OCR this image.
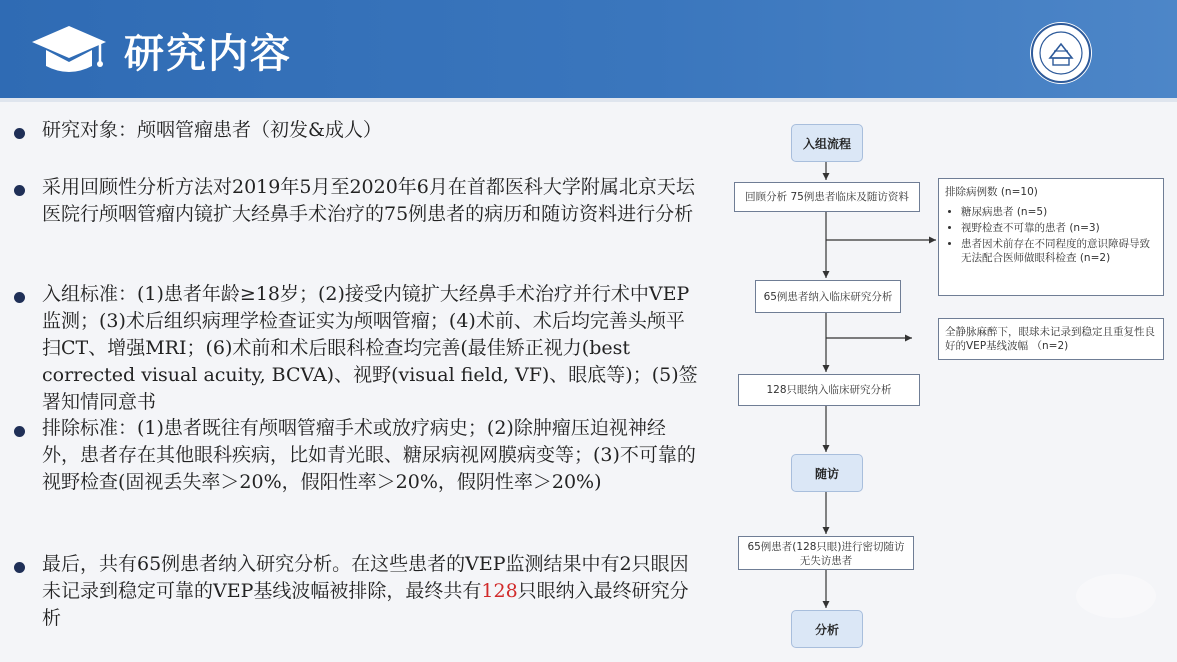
研究内容
研究对象：颅咽管瘤患者（初发&成人）
采用回顾性分析方法对2019年5月至2020年6月在首都医科大学附属北京天坛医院行颅咽管瘤内镜扩大经鼻手术治疗的75例患者的病历和随访资料进行分析
入组标准：(1)患者年龄≥18岁；(2)接受内镜扩大经鼻手术治疗并行术中VEP监测；(3)术后组织病理学检查证实为颅咽管瘤；(4)术前、术后均完善头颅平扫CT、增强MRI；(6)术前和术后眼科检查均完善(最佳矫正视力(best corrected visual acuity, BCVA)、视野(visual field, VF)、眼底等)；(5)签署知情同意书
排除标准：(1)患者既往有颅咽管瘤手术或放疗病史；(2)除肿瘤压迫视神经外，患者存在其他眼科疾病，比如青光眼、糖尿病视网膜病变等；(3)不可靠的视野检查(固视丢失率＞20%，假阳性率＞20%，假阴性率＞20%)
最后，共有65例患者纳入研究分析。在这些患者的VEP监测结果中有2只眼因未记录到稳定可靠的VEP基线波幅被排除，最终共有128只眼纳入最终研究分析
入组流程
回顾分析 75例患者临床及随访资料	排除病例数 (n=10)
• 糖尿病患者 (n=5)
• 视野检查不可靠的患者 (n=3)
• 患者因术前存在不同程度的意识障碍导致无法配合医师做眼科检查 (n=2)
65例患者纳入临床研究分析
全静脉麻醉下，眼球未记录到稳定且重复性良好的VEP基线波幅 （n=2)
128只眼纳入临床研究分析
随访
65例患者(128只眼)进行密切随访 无失访患者
分析
